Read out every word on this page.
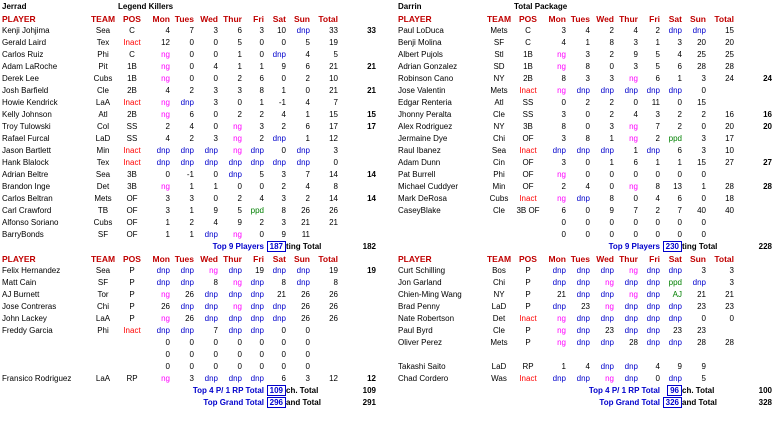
Jerrad		Legend Killers									
PLAYER	TEAM	POS	Mon	Tues	Wed	Thur	Fri	Sat	Sun	Total	
Kenji Johjima	Sea	C	4	7	3	6	3	10	dnp	33	33
Gerald Laird	Tex	Inact	12	0	0	5	0	0	5	19	
Carlos Ruiz	Phi	C	ng	0	0	1	0	dnp	4	5	
Adam LaRoche	Pit	1B	ng	0	4	1	1	9	6	21	21
Derek Lee	Cubs	1B	ng	0	0	2	6	0	2	10	
Josh Barfield	Cle	2B	4	2	3	3	8	1	0	21	21
Howie Kendrick	LaA	Inact	ng	dnp	3	0	1	-1	4	7	
Kelly Johnson	Atl	2B	ng	6	0	2	2	4	1	15	15
Troy Tulowski	Col	SS	2	4	0	ng	3	2	6	17	17
Rafael Furcal	LaD	SS	4	2	3	ng	2	dnp	1	12	
Jason Bartlett	Min	Inact	dnp	dnp	dnp	ng	dnp	0	dnp	3	
Hank Blalock	Tex	Inact	dnp	dnp	dnp	dnp	dnp	dnp	dnp	0	
Adrian Beltre	Sea	3B	0	-1	0	dnp	5	3	7	14	14
Brandon Inge	Det	3B	ng	1	1	0	0	2	4	8	
Carlos Beltran	Mets	OF	3	3	0	2	4	3	2	14	14
Carl Crawford	TB	OF	3	1	9	5	ppd	8	26	26	
Alfonso Soriano	Cubs	OF	1	2	4	9	2	3	21	21	
BarryBonds	SF	OF	1	1	dnp	ng	0	9	11		
Top 9 Players								187	ting Total		182
PLAYER	TEAM	POS	Mon	Tues	Wed	Thur	Fri	Sat	Sun	Total	
Felix Hernandez	Sea	P	dnp	dnp	ng	dnp	19	dnp	dnp	19	19
Matt Cain	SF	P	dnp	dnp	8	ng	dnp	8	dnp	8	
AJ Burnett	Tor	P	ng	26	dnp	dnp	dnp	21	26	26	
Jose Contreras	Chi	P	26	dnp	dnp	ng	dnp	dnp	26	26	
John Lackey	LaA	P	ng	26	dnp	dnp	dnp	dnp	26	26	
Freddy Garcia	Phi	Inact	dnp	dnp	7	dnp	dnp	0	0		
			0	0	0	0	0	0	0		
			0	0	0	0	0	0	0		
			0	0	0	0	0	0	0		
Fransico Rodriguez	LaA	RP	ng	3	dnp	dnp	dnp	6	3	12	12
Top 4 P/ 1 RP Total								109	ch. Total		109
Top Grand Total								296	and Total		291
Darrin		Total Package									
PLAYER	TEAM	POS	Mon	Tues	Wed	Thur	Fri	Sat	Sun	Total	
Paul LoDuca	Mets	C	3	4	2	4	2	dnp	dnp	15	
Benji Molina	SF	C	4	1	8	3	1	3	20	20	
Albert Pujols	Stl	1B	ng	3	2	9	5	4	25	25	
Adrian Gonzalez	SD	1B	ng	8	0	3	5	6	28	28	
Robinson Cano	NY	2B	8	3	3	ng	6	1	3	24	24
Jose Valentin	Mets	Inact	ng	dnp	dnp	dnp	dnp	dnp	0		
Edgar Renteria	Atl	SS	0	2	2	0	11	0	15		
Jhonny Peralta	Cle	SS	3	0	2	4	3	2	2	16	16
Alex Rodriguez	NY	3B	8	0	3	ng	7	2	0	20	20
Jermaine Dye	Chi	OF	3	8	1	ng	2	ppd	3	17	
Raul Ibanez	Sea	Inact	dnp	dnp	dnp	1	dnp	6	3	10	
Adam Dunn	Cin	OF	3	0	1	6	1	1	15	27	27
Pat Burrell	Phi	OF	ng	0	0	0	0	0	0		
Michael Cuddyer	Min	OF	2	4	0	ng	8	13	1	28	28
Mark DeRosa	Cubs	Inact	ng	dnp	8	0	4	6	0	18	
CaseyBlake	Cle	3B OF	6	0	9	7	2	7	40	40	
			0	0	0	0	0	0	0		
			0	0	0	0	0	0	0		
Top 9 Players								230	ting Total		228
PLAYER	TEAM	POS	Mon	Tues	Wed	Thur	Fri	Sat	Sun	Total	
Curt Schilling	Bos	P	dnp	dnp	dnp	ng	dnp	dnp	3	3	
Jon Garland	Chi	P	dnp	dnp	ng	dnp	dnp	ppd	dnp	3	
Chien-Ming Wang	NY	P	21	dnp	dnp	ng	dnp	AJ	21	21	
Brad Penny	LaD	P	dnp	23	ng	dnp	dnp	dnp	23	23	
Nate Robertson	Det	Inact	ng	dnp	dnp	dnp	dnp	dnp	0	0	
Paul Byrd	Cle	P	ng	dnp	23	dnp	dnp	23	23		
Oliver Perez	Mets	P	ng	dnp	dnp	28	dnp	dnp	28	28	

Takashi Saito	LaD	RP	1	4	dnp	dnp	4	9	9		
Chad Cordero	Was	Inact	dnp	dnp	ng	dnp	0	dnp	5		
Top 4 P/ 1 RP Total								96	ch. Total		100
Top Grand Total								326	and Total		328
